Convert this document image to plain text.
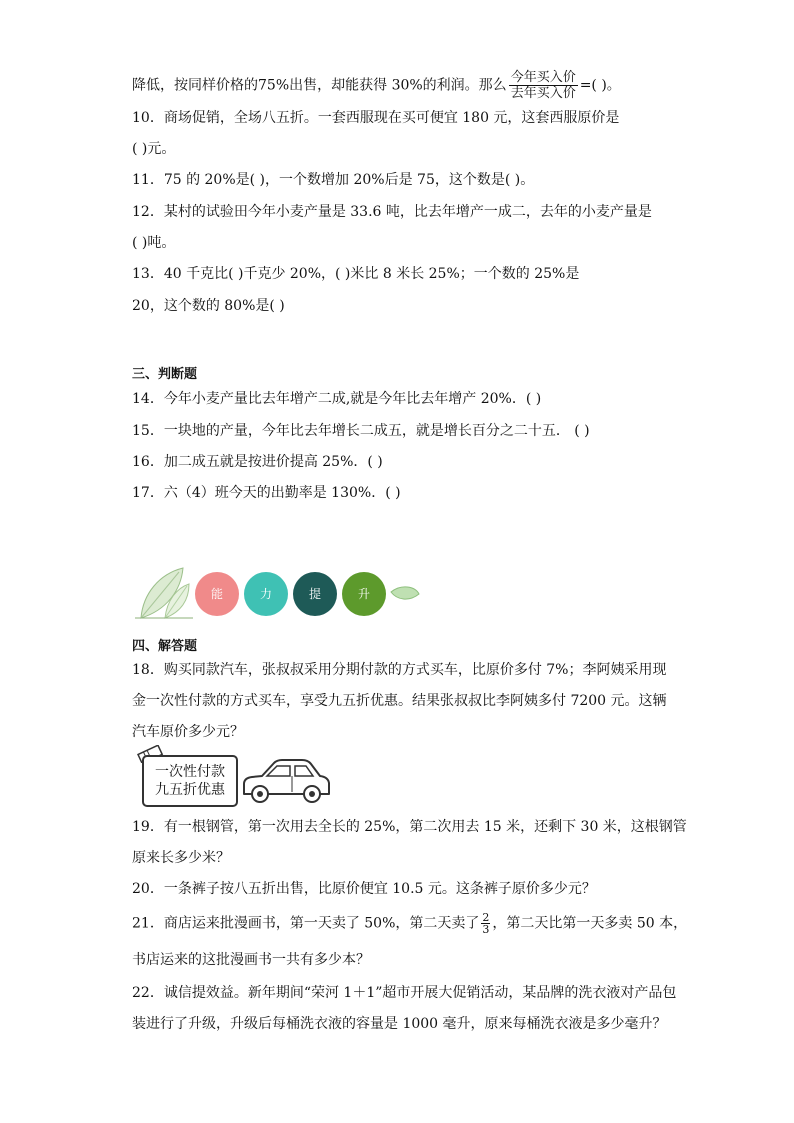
降低，按同样价格的75%出售，却能获得 30%的利润。那么 $\frac{\text{今年买入价}}{\text{去年买入价}}$ =( )。
10．商场促销，全场八五折。一套西服现在买可便宜 180 元，这套西服原价是
( )元。
11．75 的 20%是( )，一个数增加 20%后是 75，这个数是( )。
12．某村的试验田今年小麦产量是 33.6 吨，比去年增产一成二，去年的小麦产量是
( )吨。
13．40 千克比( )千克少 20%，( )米比 8 米长 25%；一个数的 25%是
20，这个数的 80%是( )
三、判断题
14．今年小麦产量比去年增产二成,就是今年比去年增产 20%．( )
15．一块地的产量，今年比去年增长二成五，就是增长百分之二十五． ( )
16．加二成五就是按进价提高 25%．( )
17．六（4）班今天的出勤率是 130%．( )
能	力	提	升
四、解答题
18．购买同款汽车，张叔叔采用分期付款的方式买车，比原价多付 7%；李阿姨采用现
金一次性付款的方式买车，享受九五折优惠。结果张叔叔比李阿姨多付 7200 元。这辆
汽车原价多少元？
一次性付款
九五折优惠
19．有一根钢管，第一次用去全长的 25%，第二次用去 15 米，还剩下 30 米，这根钢管
原来长多少米？
20．一条裤子按八五折出售，比原价便宜 10.5 元。这条裤子原价多少元？
21．商店运来批漫画书，第一天卖了 50%，第二天卖了 $\frac{2}{3}$ ，第二天比第一天多卖 50 本，
书店运来的这批漫画书一共有多少本？
22．诚信提效益。新年期间“荣河 1＋1”超市开展大促销活动，某品牌的洗衣液对产品包
装进行了升级，升级后每桶洗衣液的容量是 1000 毫升，原来每桶洗衣液是多少毫升？
